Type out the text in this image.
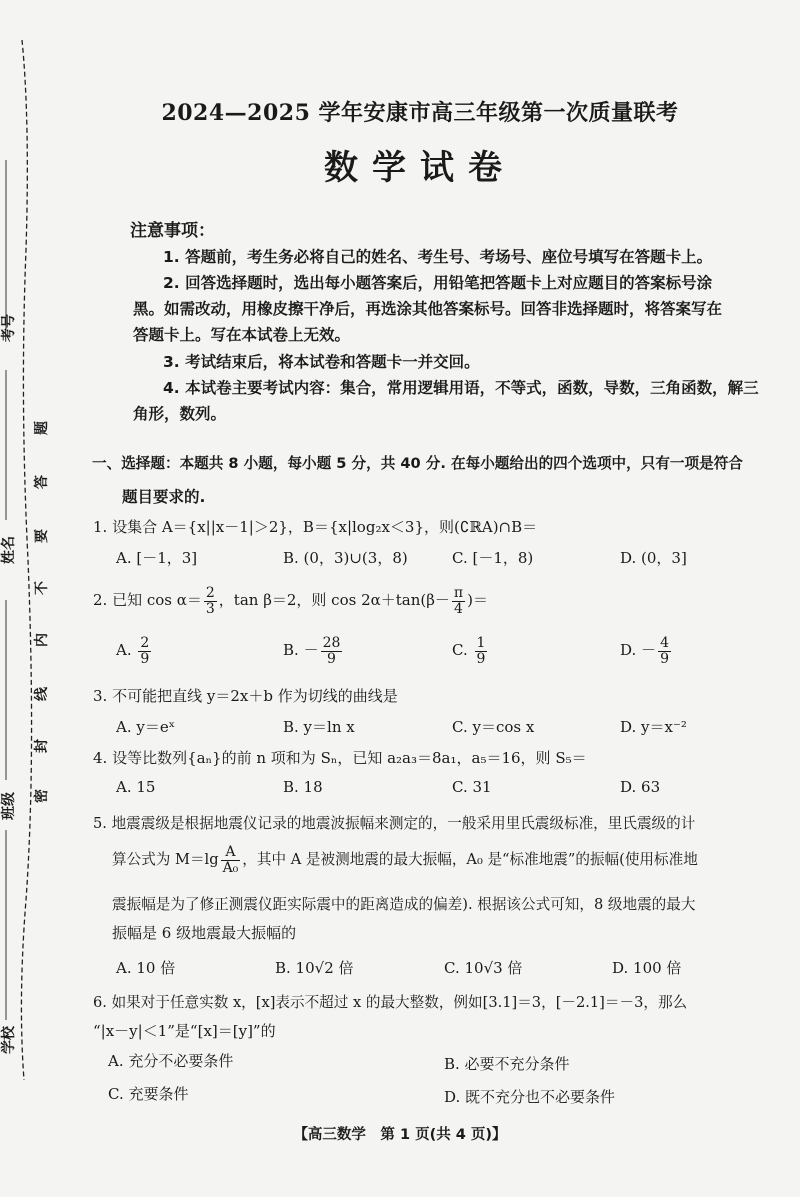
考号
姓名
班级
学校
题
答
要
不
内
线
封
密
2024—2025 学年安康市高三年级第一次质量联考
数学试卷
注意事项：
1. 答题前，考生务必将自己的姓名、考生号、考场号、座位号填写在答题卡上。
2. 回答选择题时，选出每小题答案后，用铅笔把答题卡上对应题目的答案标号涂
黑。如需改动，用橡皮擦干净后，再选涂其他答案标号。回答非选择题时，将答案写在
答题卡上。写在本试卷上无效。
3. 考试结束后，将本试卷和答题卡一并交回。
4. 本试卷主要考试内容：集合，常用逻辑用语，不等式，函数，导数，三角函数，解三
角形，数列。
一、选择题：本题共 8 小题，每小题 5 分，共 40 分. 在每小题给出的四个选项中，只有一项是符合
题目要求的.
1. 设集合 A＝{x||x－1|＞2}，B＝{x|log₂x＜3}，则(∁ℝA)∩B＝
A. [－1，3]	B. (0，3)∪(3，8)	C. [－1，8)	D. (0，3]
2. 已知 $\cos \alpha= \frac{2}{3}$ ，tan β＝2，则 $\cos 2\alpha+\tan(\beta- \frac{\pi}{4}$ )＝
A. $\frac{2}{9}$	B. － $\frac{28}{9}$	C. $\frac{1}{9}$	D. － $\frac{4}{9}$
3. 不可能把直线 y＝2x＋b 作为切线的曲线是
A. y＝eˣ	B. y＝ln x	C. y＝cos x	D. y＝x⁻²
4. 设等比数列{aₙ}的前 n 项和为 Sₙ，已知 a₂a₃＝8a₁，a₅＝16，则 S₅＝
A. 15	B. 18	C. 31	D. 63
5. 地震震级是根据地震仪记录的地震波振幅来测定的，一般采用里氏震级标准，里氏震级的计
算公式为 $M=\lg \frac{A}{\text{A₀}}$ ，其中 A 是被测地震的最大振幅，A₀ 是“标准地震”的振幅(使用标准地
震振幅是为了修正测震仪距实际震中的距离造成的偏差). 根据该公式可知，8 级地震的最大
振幅是 6 级地震最大振幅的
A. 10 倍	B. 10√2 倍	C. 10√3 倍	D. 100 倍
6. 如果对于任意实数 x，[x]表示不超过 x 的最大整数，例如[3.1]＝3，[－2.1]＝－3，那么
“|x－y|＜1”是“[x]＝[y]”的
A. 充分不必要条件	B. 必要不充分条件
C. 充要条件	D. 既不充分也不必要条件
【高三数学　第 1 页(共 4 页)】
